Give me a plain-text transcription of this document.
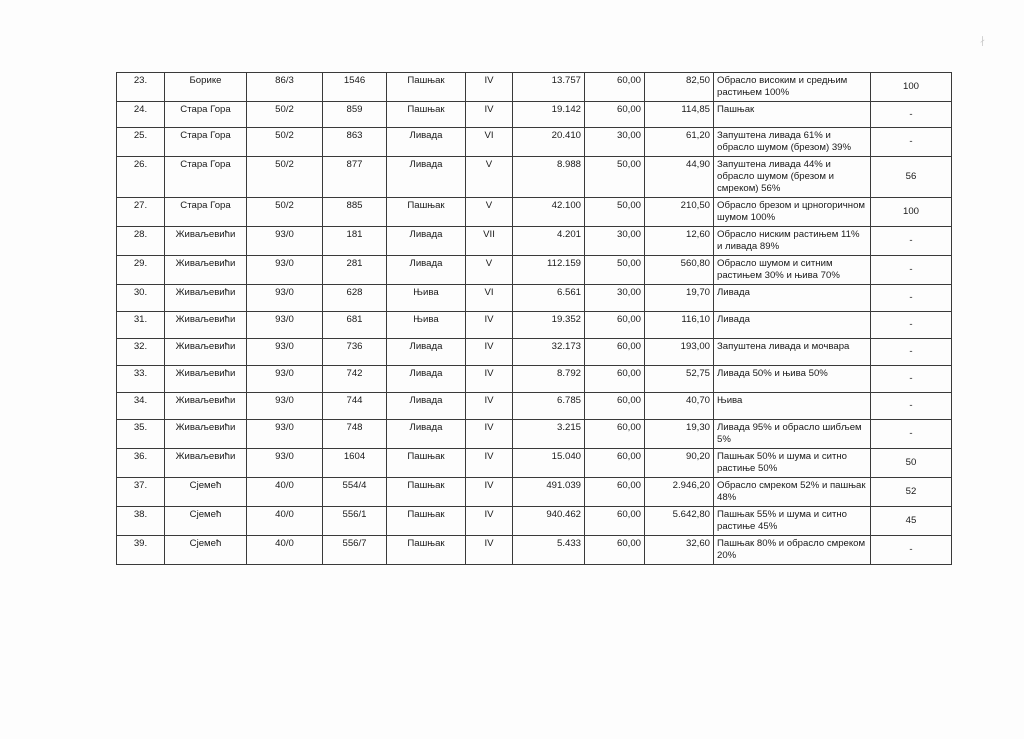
∤
23.	Борике	86/3	1546	Пашњак	IV	13.757	60,00	82,50	Обрасло високим и средњим растињем 100%	100
24.	Стара Гора	50/2	859	Пашњак	IV	19.142	60,00	114,85	Пашњак	-
25.	Стара Гора	50/2	863	Ливада	VI	20.410	30,00	61,20	Запуштена ливада 61% и обрасло шумом (брезом) 39%	-
26.	Стара Гора	50/2	877	Ливада	V	8.988	50,00	44,90	Запуштена ливада 44% и обрасло шумом (брезом и смреком) 56%	56
27.	Стара Гора	50/2	885	Пашњак	V	42.100	50,00	210,50	Обрасло брезом и црногоричном шумом 100%	100
28.	Живаљевићи	93/0	181	Ливада	VII	4.201	30,00	12,60	Обрасло ниским растињем 11% и ливада 89%	-
29.	Живаљевићи	93/0	281	Ливада	V	112.159	50,00	560,80	Обрасло шумом и ситним растињем 30% и њива 70%	-
30.	Живаљевићи	93/0	628	Њива	VI	6.561	30,00	19,70	Ливада	-
31.	Живаљевићи	93/0	681	Њива	IV	19.352	60,00	116,10	Ливада	-
32.	Живаљевићи	93/0	736	Ливада	IV	32.173	60,00	193,00	Запуштена ливада и мочвара	-
33.	Живаљевићи	93/0	742	Ливада	IV	8.792	60,00	52,75	Ливада 50% и њива 50%	-
34.	Живаљевићи	93/0	744	Ливада	IV	6.785	60,00	40,70	Њива	-
35.	Живаљевићи	93/0	748	Ливада	IV	3.215	60,00	19,30	Ливада 95% и обрасло шибљем 5%	-
36.	Живаљевићи	93/0	1604	Пашњак	IV	15.040	60,00	90,20	Пашњак 50% и шума и ситно растиње 50%	50
37.	Сјемећ	40/0	554/4	Пашњак	IV	491.039	60,00	2.946,20	Обрасло смреком 52% и пашњак 48%	52
38.	Сјемећ	40/0	556/1	Пашњак	IV	940.462	60,00	5.642,80	Пашњак 55% и шума и ситно растиње 45%	45
39.	Сјемећ	40/0	556/7	Пашњак	IV	5.433	60,00	32,60	Пашњак 80% и обрасло смреком 20%	-
